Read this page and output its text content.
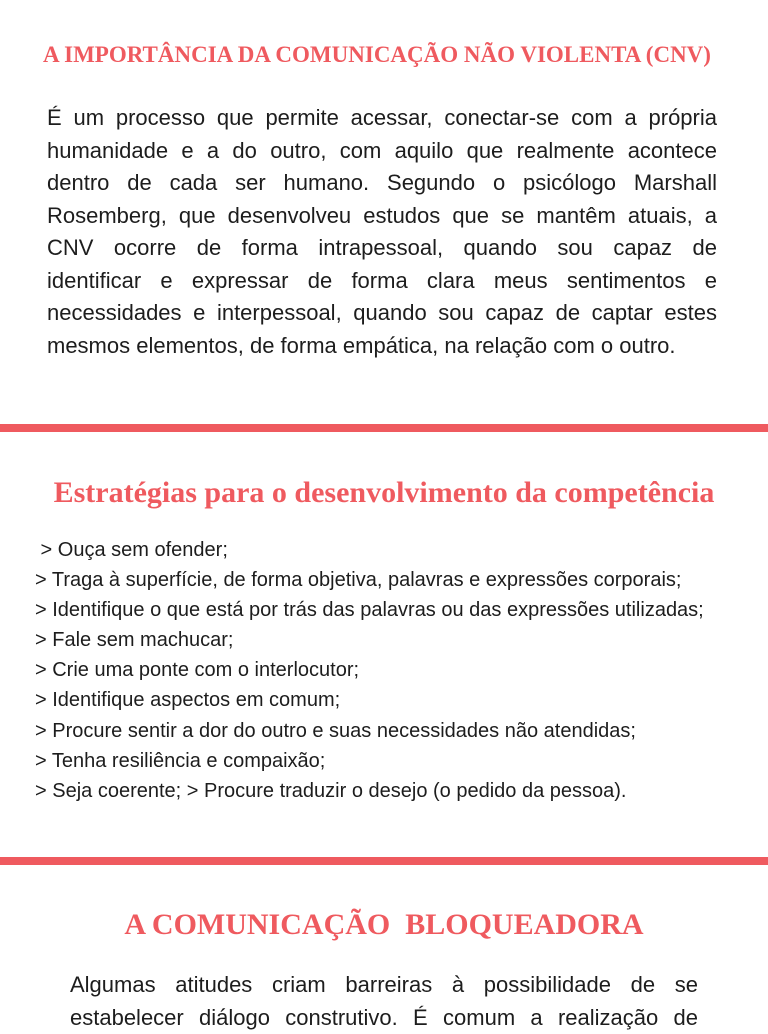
A IMPORTÂNCIA DA COMUNICAÇÃO NÃO VIOLENTA (CNV)
É um processo que permite acessar, conectar-se com a própria
humanidade e a do outro, com aquilo que realmente acontece
dentro de cada ser humano. Segundo o psicólogo Marshall
Rosemberg, que desenvolveu estudos que se mantêm atuais, a
CNV ocorre de forma intrapessoal, quando sou capaz de
identificar e expressar de forma clara meus sentimentos e
necessidades e interpessoal, quando sou capaz de captar estes
mesmos elementos, de forma empática, na relação com o outro.
Estratégias para o desenvolvimento da competência
> Ouça sem ofender;
> Traga à superfície, de forma objetiva, palavras e expressões corporais;
> Identifique o que está por trás das palavras ou das expressões utilizadas;
> Fale sem machucar;
> Crie uma ponte com o interlocutor;
> Identifique aspectos em comum;
> Procure sentir a dor do outro e suas necessidades não atendidas;
> Tenha resiliência e compaixão;
> Seja coerente; > Procure traduzir o desejo (o pedido da pessoa).
A COMUNICAÇÃO  BLOQUEADORA
Algumas atitudes criam barreiras à possibilidade de se
estabelecer diálogo construtivo. É comum a realização de
